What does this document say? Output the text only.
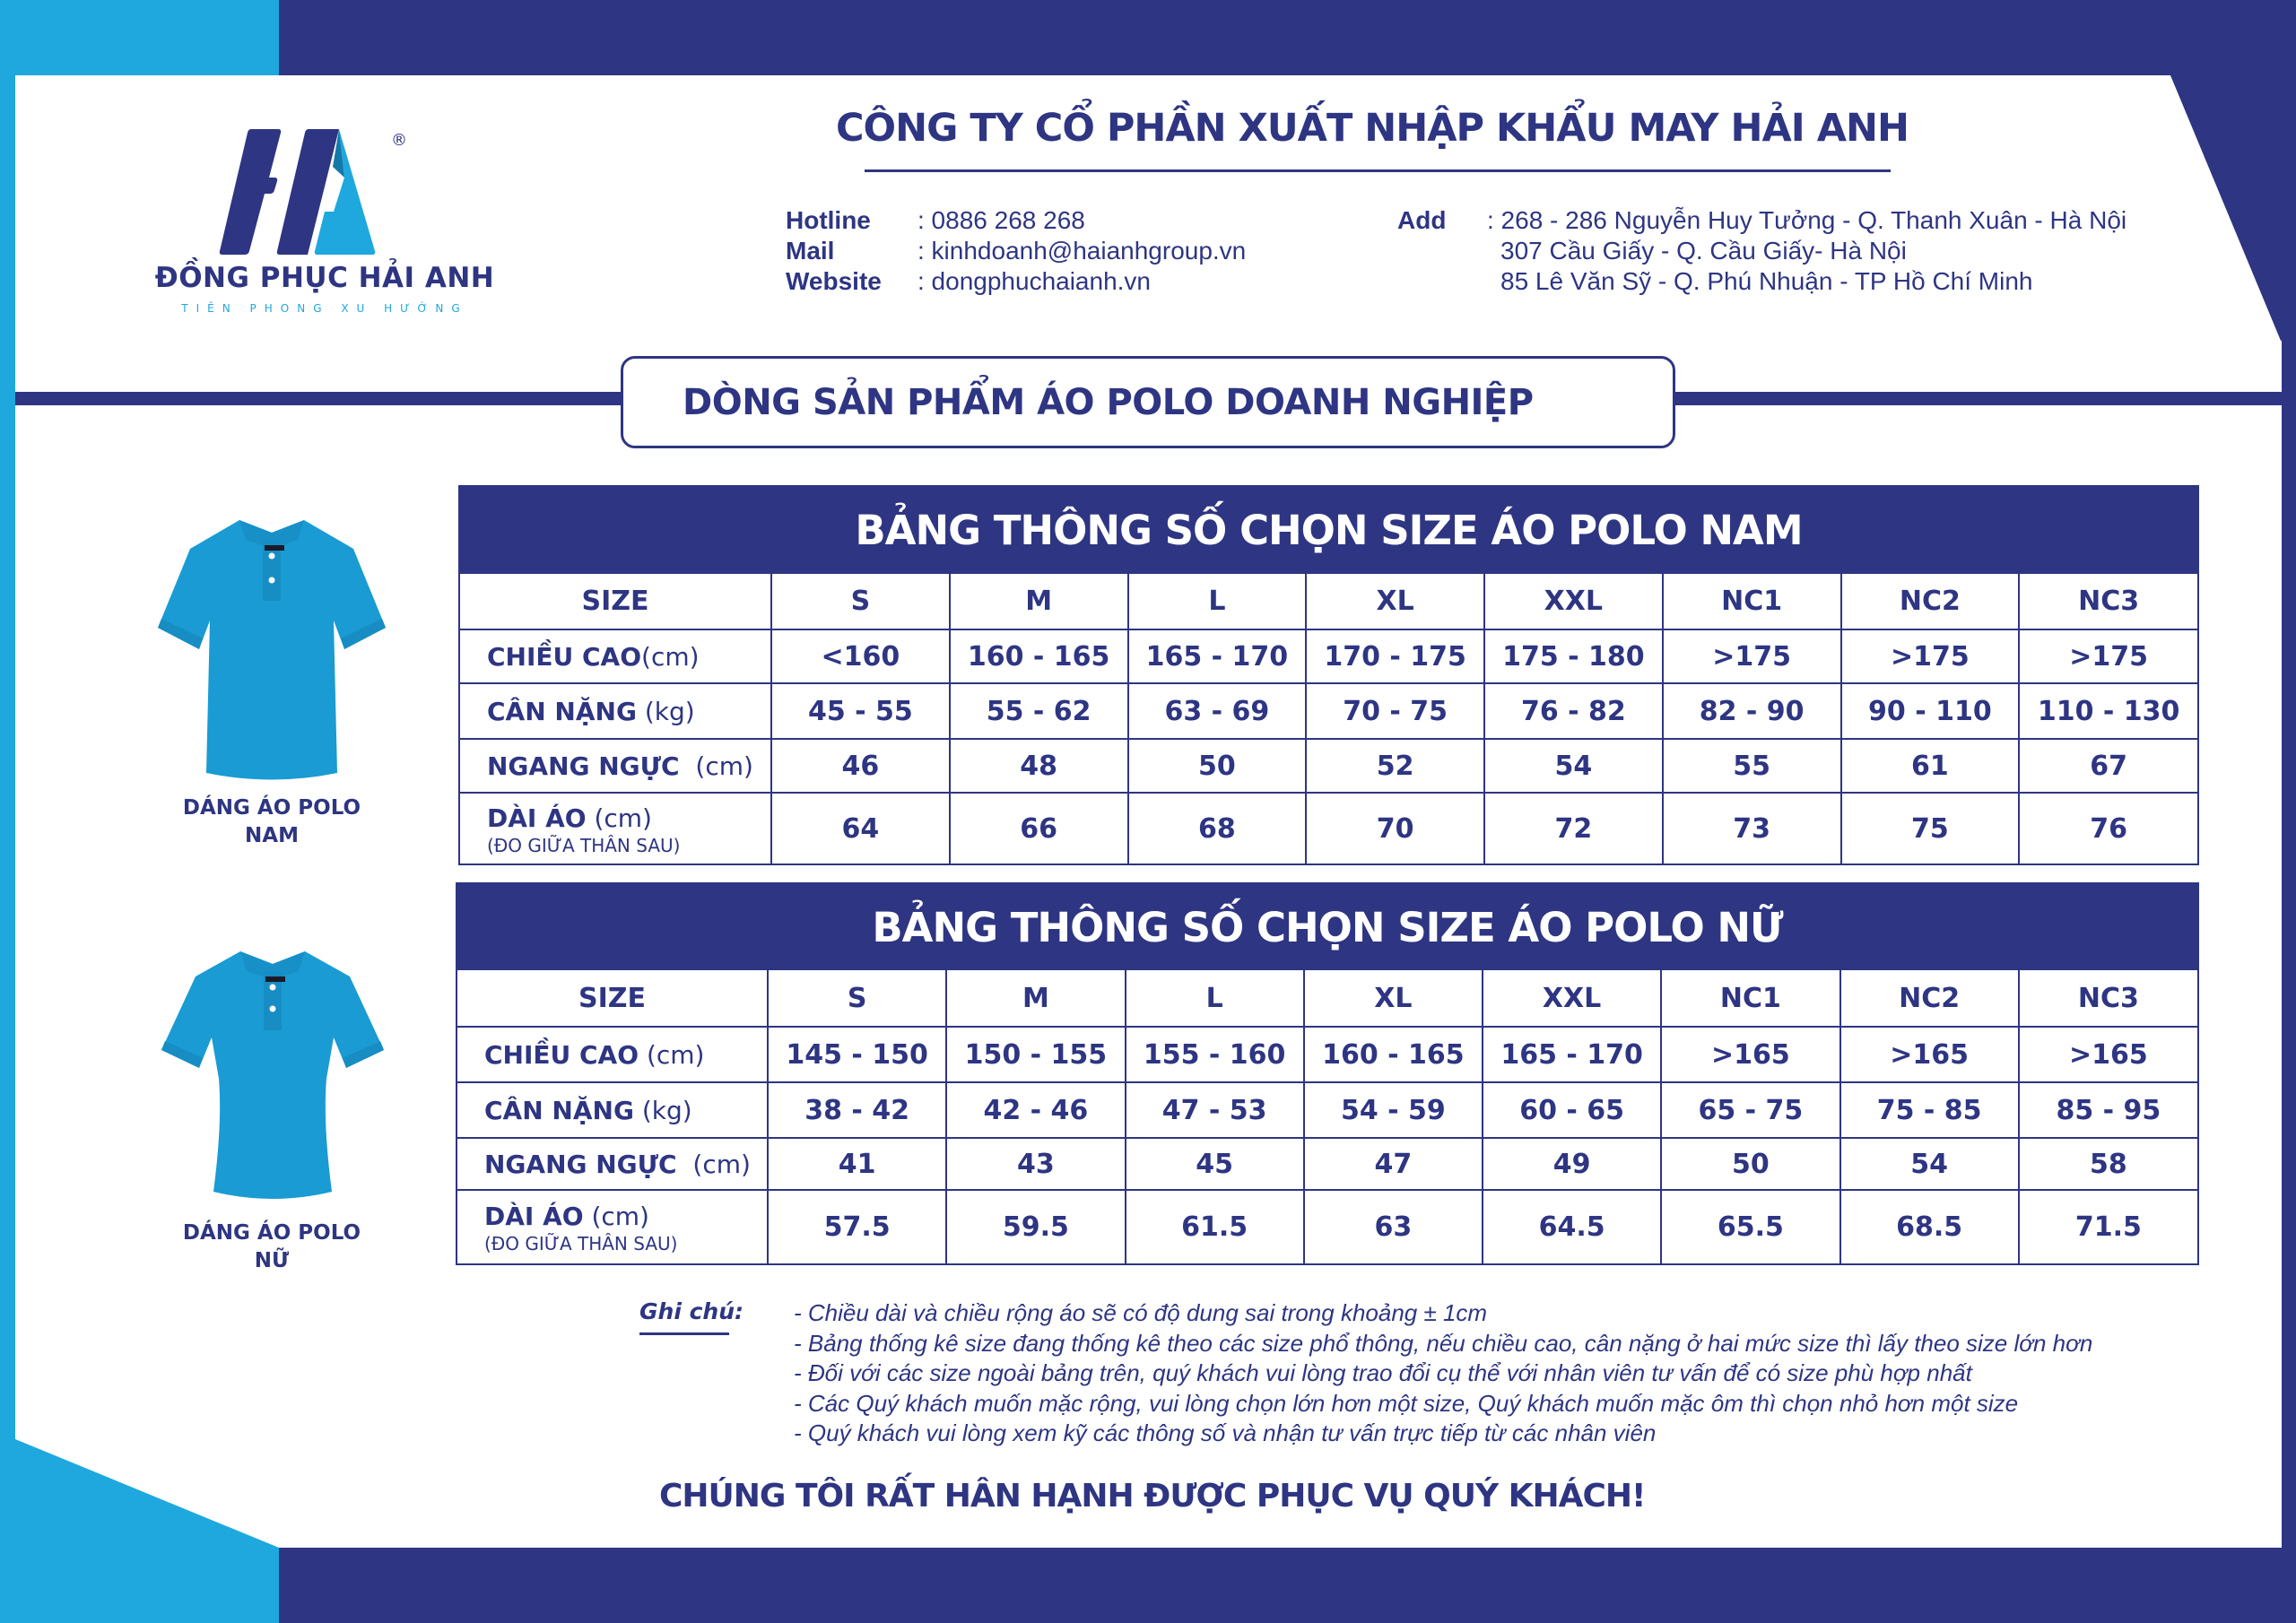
®
ĐỒNG PHỤC HẢI ANH
TIÊN PHONG XU HƯỚNG
CÔNG TY CỔ PHẦN XUẤT NHẬP KHẨU MAY HẢI ANH
Hotline	: 0886 268 268
Mail	: kinhdoanh@haianhgroup.vn
Website	: dongphuchaianh.vn
Add	: 268 - 286 Nguyễn Huy Tưởng - Q. Thanh Xuân - Hà Nội
307 Cầu Giấy - Q. Cầu Giấy- Hà Nội
85 Lê Văn Sỹ - Q. Phú Nhuận - TP Hồ Chí Minh
DÒNG SẢN PHẨM ÁO POLO DOANH NGHIỆP
DÁNG ÁO POLO
NAM
BẢNG THÔNG SỐ CHỌN SIZE ÁO POLO NAM
SIZE	S	M	L	XL	XXL	NC1	NC2	NC3
CHIỀU CAO(cm)	<160	160 - 165	165 - 170	170 - 175	175 - 180	>175	>175	>175
CÂN NẶNG (kg)	45 - 55	55 - 62	63 - 69	70 - 75	76 - 82	82 - 90	90 - 110	110 - 130
NGANG NGỰC  (cm)	46	48	50	52	54	55	61	67
DÀI ÁO (cm)
(ĐO GIỮA THÂN SAU)	64	66	68	70	72	73	75	76
DÁNG ÁO POLO
NỮ
BẢNG THÔNG SỐ CHỌN SIZE ÁO POLO NỮ
SIZE	S	M	L	XL	XXL	NC1	NC2	NC3
CHIỀU CAO (cm)	145 - 150	150 - 155	155 - 160	160 - 165	165 - 170	>165	>165	>165
CÂN NẶNG (kg)	38 - 42	42 - 46	47 - 53	54 - 59	60 - 65	65 - 75	75 - 85	85 - 95
NGANG NGỰC  (cm)	41	43	45	47	49	50	54	58
DÀI ÁO (cm)
(ĐO GIỮA THÂN SAU)	57.5	59.5	61.5	63	64.5	65.5	68.5	71.5
Ghi chú: - Chiều dài và chiều rộng áo sẽ có độ dung sai trong khoảng ± 1cm
- Bảng thống kê size đang thống kê theo các size phổ thông, nếu chiều cao, cân nặng ở hai mức size thì lấy theo size lớn hơn
- Đối với các size ngoài bảng trên, quý khách vui lòng trao đổi cụ thể với nhân viên tư vấn để có size phù hợp nhất
- Các Quý khách muốn mặc rộng, vui lòng chọn lớn hơn một size, Quý khách muốn mặc ôm thì chọn nhỏ hơn một size
- Quý khách vui lòng xem kỹ các thông số và nhận tư vấn trực tiếp từ các nhân viên
CHÚNG TÔI RẤT HÂN HẠNH ĐƯỢC PHỤC VỤ QUÝ KHÁCH!
